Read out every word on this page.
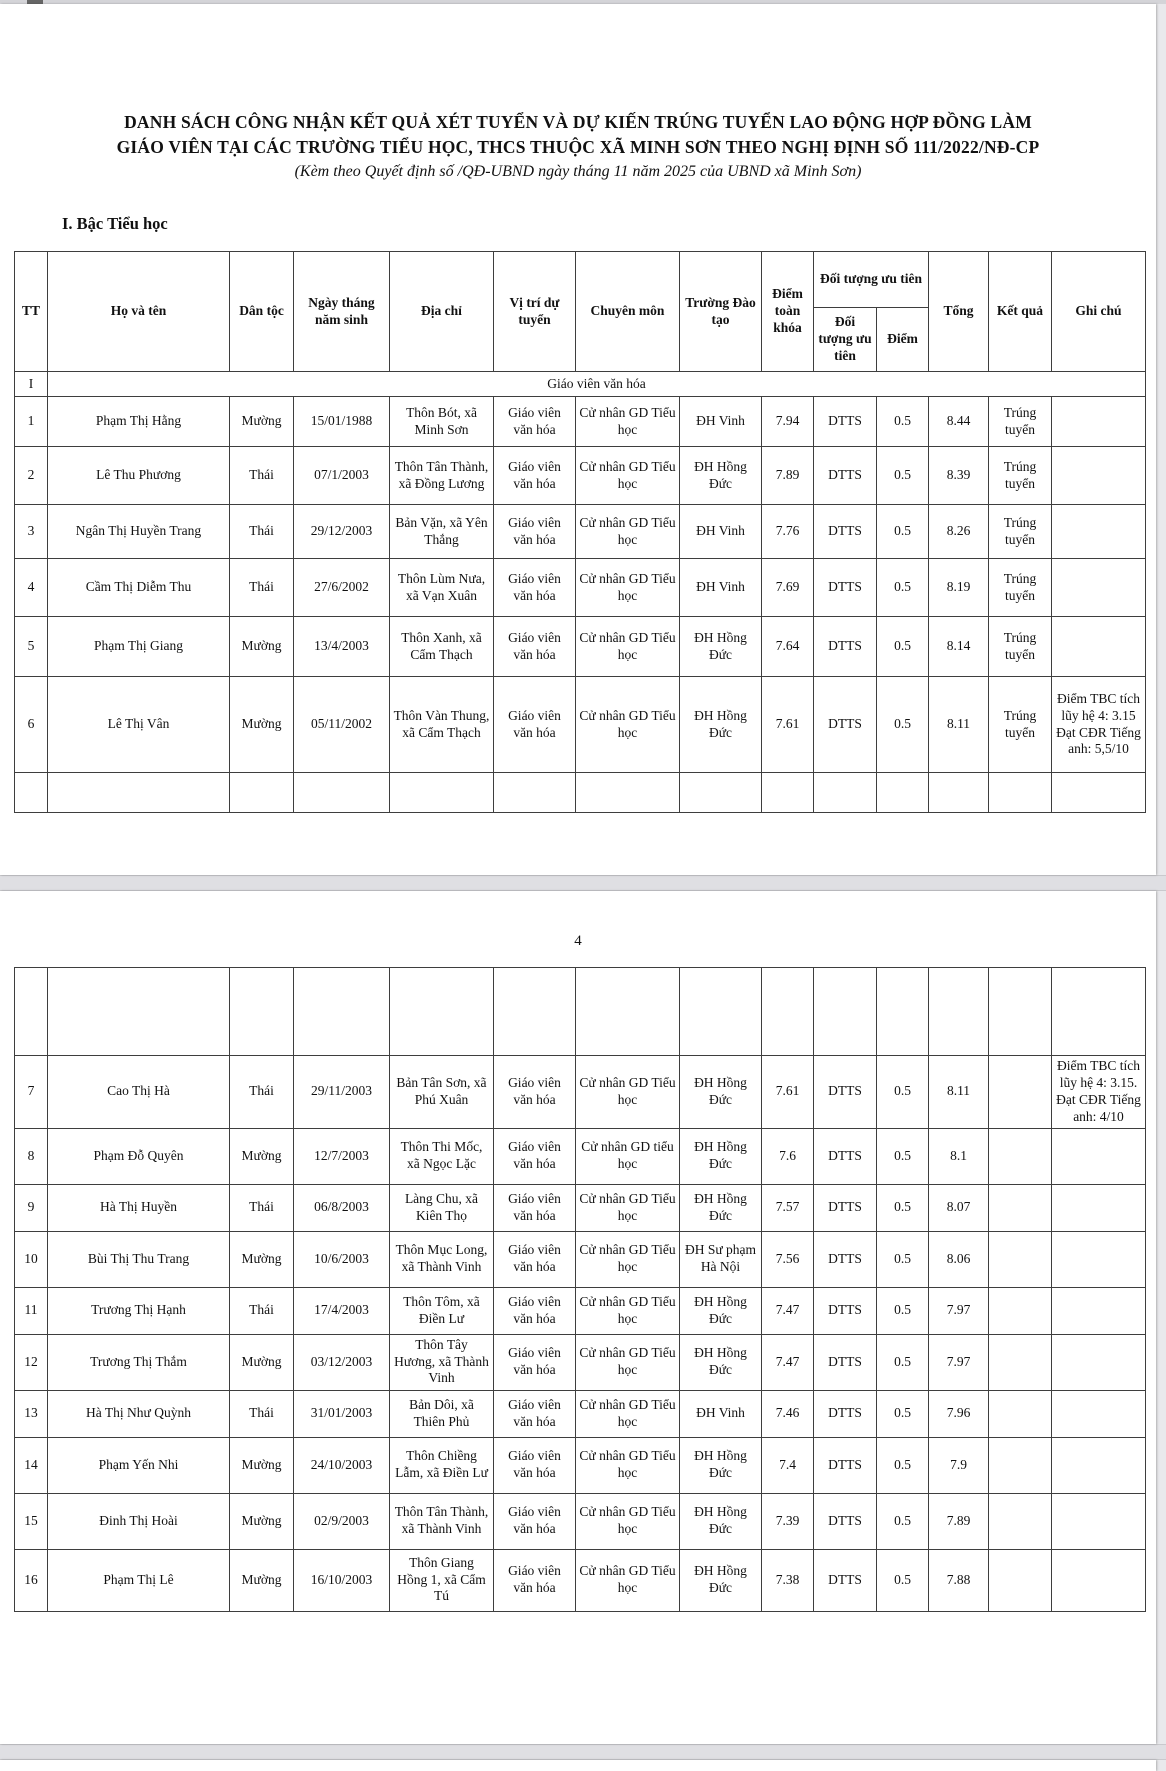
DANH SÁCH CÔNG NHẬN KẾT QUẢ XÉT TUYỂN VÀ DỰ KIẾN TRÚNG TUYỂN LAO ĐỘNG HỢP ĐỒNG LÀM
GIÁO VIÊN TẠI CÁC TRƯỜNG TIỂU HỌC, THCS THUỘC XÃ MINH SƠN THEO NGHỊ ĐỊNH SỐ 111/2022/NĐ-CP
(Kèm theo Quyết định số /QĐ-UBND ngày tháng 11 năm 2025 của UBND xã Minh Sơn)
I. Bậc Tiểu học
TT	Họ và tên	Dân tộc	Ngày tháng năm sinh	Địa chỉ	Vị trí dự tuyển	Chuyên môn	Trường Đào tạo	Điểm toàn khóa	Đối tượng ưu tiên		Tổng	Kết quả	Ghi chú
									Đối tượng ưu tiên	Điểm			
I	Giáo viên văn hóa												
1	Phạm Thị Hằng	Mường	15/01/1988	Thôn Bót, xã Minh Sơn	Giáo viên văn hóa	Cử nhân GD Tiểu học	ĐH Vinh	7.94	DTTS	0.5	8.44	Trúng tuyển	
2	Lê Thu Phương	Thái	07/1/2003	Thôn Tân Thành, xã Đồng Lương	Giáo viên văn hóa	Cử nhân GD Tiểu học	ĐH Hồng Đức	7.89	DTTS	0.5	8.39	Trúng tuyển	
3	Ngân Thị Huyền Trang	Thái	29/12/2003	Bản Vặn, xã Yên Thắng	Giáo viên văn hóa	Cử nhân GD Tiểu học	ĐH Vinh	7.76	DTTS	0.5	8.26	Trúng tuyển	
4	Cầm Thị Diễm Thu	Thái	27/6/2002	Thôn Lùm Nưa, xã Vạn Xuân	Giáo viên văn hóa	Cử nhân GD Tiểu học	ĐH Vinh	7.69	DTTS	0.5	8.19	Trúng tuyển	
5	Phạm Thị Giang	Mường	13/4/2003	Thôn Xanh, xã Cẩm Thạch	Giáo viên văn hóa	Cử nhân GD Tiểu học	ĐH Hồng Đức	7.64	DTTS	0.5	8.14	Trúng tuyển	
6	Lê Thị Vân	Mường	05/11/2002	Thôn Vàn Thung, xã Cẩm Thạch	Giáo viên văn hóa	Cử nhân GD Tiểu học	ĐH Hồng Đức	7.61	DTTS	0.5	8.11	Trúng tuyển	Điểm TBC tích lũy hệ 4: 3.15 Đạt CĐR Tiếng anh: 5,5/10

4

7	Cao Thị Hà	Thái	29/11/2003	Bản Tân Sơn, xã Phú Xuân	Giáo viên văn hóa	Cử nhân GD Tiểu học	ĐH Hồng Đức	7.61	DTTS	0.5	8.11		Điểm TBC tích lũy hệ 4: 3.15. Đạt CĐR Tiếng anh: 4/10
8	Phạm Đỗ Quyên	Mường	12/7/2003	Thôn Thi Mốc, xã Ngọc Lặc	Giáo viên văn hóa	Cử nhân GD tiểu học	ĐH Hồng Đức	7.6	DTTS	0.5	8.1		
9	Hà Thị Huyền	Thái	06/8/2003	Làng Chu, xã Kiên Thọ	Giáo viên văn hóa	Cử nhân GD Tiểu học	ĐH Hồng Đức	7.57	DTTS	0.5	8.07		
10	Bùi Thị Thu Trang	Mường	10/6/2003	Thôn Mục Long, xã Thành Vinh	Giáo viên văn hóa	Cử nhân GD Tiểu học	ĐH Sư phạm Hà Nội	7.56	DTTS	0.5	8.06		
11	Trương Thị Hạnh	Thái	17/4/2003	Thôn Tôm, xã Điền Lư	Giáo viên văn hóa	Cử nhân GD Tiểu học	ĐH Hồng Đức	7.47	DTTS	0.5	7.97		
12	Trương Thị Thắm	Mường	03/12/2003	Thôn Tây Hương, xã Thành Vinh	Giáo viên văn hóa	Cử nhân GD Tiểu học	ĐH Hồng Đức	7.47	DTTS	0.5	7.97		
13	Hà Thị Như Quỳnh	Thái	31/01/2003	Bản Dôi, xã Thiên Phủ	Giáo viên văn hóa	Cử nhân GD Tiểu học	ĐH Vinh	7.46	DTTS	0.5	7.96		
14	Phạm Yến Nhi	Mường	24/10/2003	Thôn Chiềng Lẫm, xã Điền Lư	Giáo viên văn hóa	Cử nhân GD Tiểu học	ĐH Hồng Đức	7.4	DTTS	0.5	7.9		
15	Đinh Thị Hoài	Mường	02/9/2003	Thôn Tân Thành, xã Thành Vinh	Giáo viên văn hóa	Cử nhân GD Tiểu học	ĐH Hồng Đức	7.39	DTTS	0.5	7.89		
16	Phạm Thị Lê	Mường	16/10/2003	Thôn Giang Hồng 1, xã Cẩm Tú	Giáo viên văn hóa	Cử nhân GD Tiểu học	ĐH Hồng Đức	7.38	DTTS	0.5	7.88		
